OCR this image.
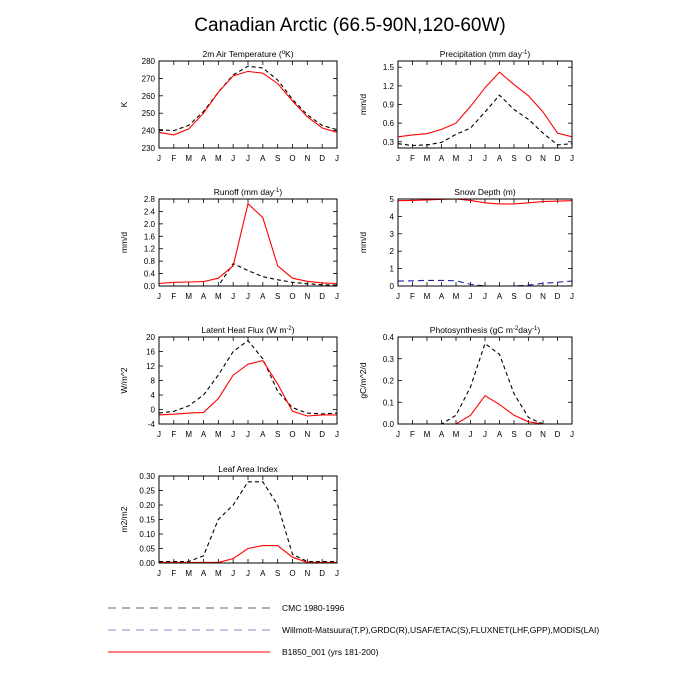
Canadian Arctic (66.5-90N,120-60W)
2m Air Temperature ($^o$K)
230
240
250
260
270
280
J F M A M J J A S O N D J
K
Precipitation (mm day$^{-1}$)
0.3
0.6
0.9
1.2
1.5
J F M A M J J A S O N D J
mm/d
Runoff (mm day$^{-1}$)
0.0
0.4
0.8
1.2
1.6
2.0
2.4
2.8
J F M A M J J A S O N D J
mm/d
Snow Depth (m)
0
1
2
3
4
5
J F M A M J J A S O N D J
mm/d
Latent Heat Flux (W $m^{-2}$)
-4
0
4
8
12
16
20
J F M A M J J A S O N D J
W/m^2
Photosynthesis (gC $m^{-2}day^{-1}$)
0.0
0.1
0.2
0.3
0.4
J F M A M J J A S O N D J
gC/m^2/d
Leaf Area Index
0.00
0.05
0.10
0.15
0.20
0.25
0.30
J F M A M J J A S O N D J
m2/m2
CMC 1980-1996
Willmott-Matsuura(T,P),GRDC(R),USAF/ETAC(S),FLUXNET(LHF,GPP),MODIS(LAI)
B1850_001 (yrs 181-200)
